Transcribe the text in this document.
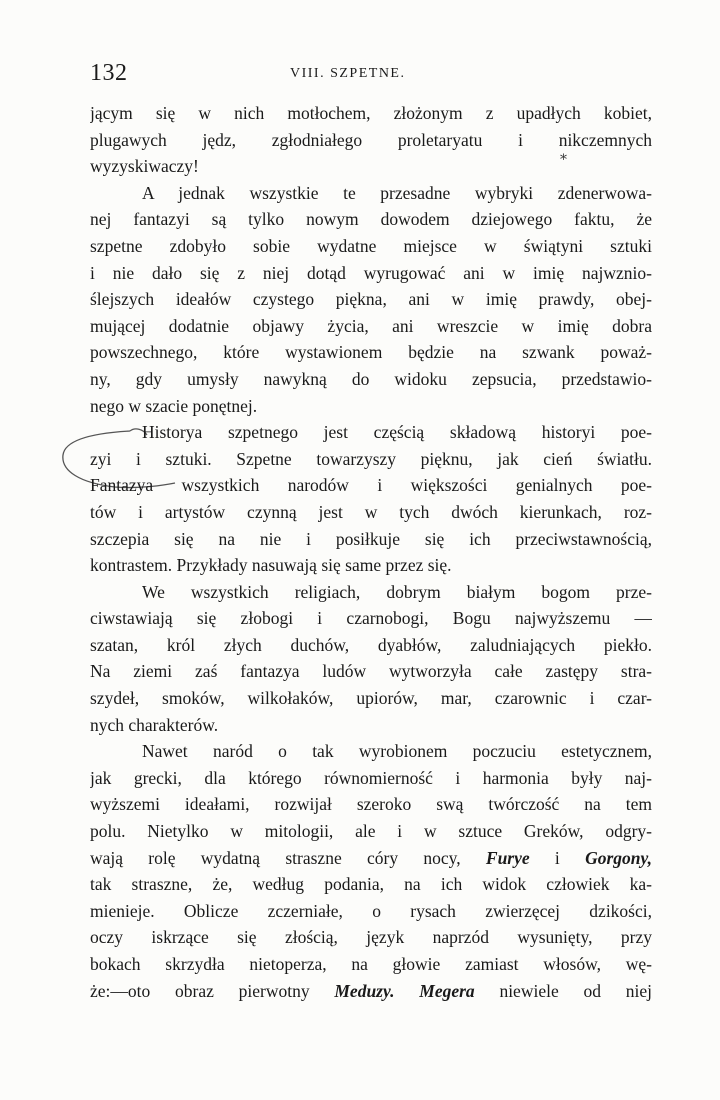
132	VIII. SZPETNE.
*
jącym się w nich motłochem, złożonym z upadłych kobiet,
plugawych jędz, zgłodniałego proletaryatu i nikczemnych
wyzyskiwaczy!
A jednak wszystkie te przesadne wybryki zdenerwowa-
nej fantazyi są tylko nowym dowodem dziejowego faktu, że
szpetne zdobyło sobie wydatne miejsce w świątyni sztuki
i nie dało się z niej dotąd wyrugować ani w imię najwznio-
ślejszych ideałów czystego piękna, ani w imię prawdy, obej-
mującej dodatnie objawy życia, ani wreszcie w imię dobra
powszechnego, które wystawionem będzie na szwank poważ-
ny, gdy umysły nawykną do widoku zepsucia, przedstawio-
nego w szacie ponętnej.
Historya szpetnego jest częścią składową historyi poe-
zyi i sztuki. Szpetne towarzyszy pięknu, jak cień światłu.
Fantazya wszystkich narodów i większości genialnych poe-
tów i artystów czynną jest w tych dwóch kierunkach, roz-
szczepia się na nie i posiłkuje się ich przeciwstawnością,
kontrastem. Przykłady nasuwają się same przez się.
We wszystkich religiach, dobrym białym bogom prze-
ciwstawiają się złobogi i czarnobogi, Bogu najwyższemu —
szatan, król złych duchów, dyabłów, zaludniających piekło.
Na ziemi zaś fantazya ludów wytworzyła całe zastępy stra-
szydeł, smoków, wilkołaków, upiorów, mar, czarownic i czar-
nych charakterów.
Nawet naród o tak wyrobionem poczuciu estetycznem,
jak grecki, dla którego równomierność i harmonia były naj-
wyższemi ideałami, rozwijał szeroko swą twórczość na tem
polu. Nietylko w mitologii, ale i w sztuce Greków, odgry-
wają rolę wydatną straszne córy nocy, Furye i Gorgony,
tak straszne, że, według podania, na ich widok człowiek ka-
mienieje. Oblicze zczerniałe, o rysach zwierzęcej dzikości,
oczy iskrzące się złością, język naprzód wysunięty, przy
bokach skrzydła nietoperza, na głowie zamiast włosów, wę-
że:—oto obraz pierwotny Meduzy. Megera niewiele od niej
